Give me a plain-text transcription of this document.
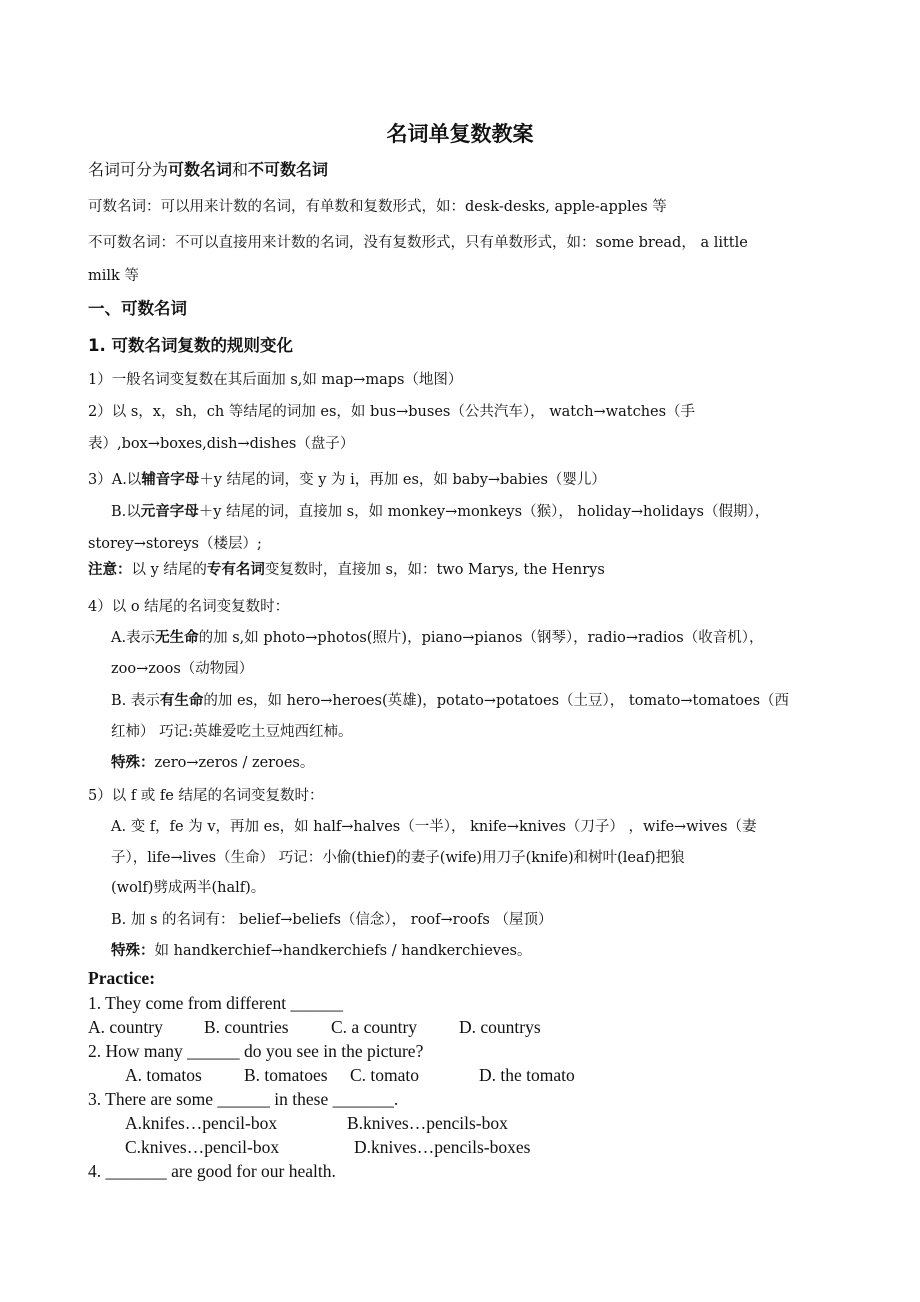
名词单复数教案
名词可分为可数名词和不可数名词
可数名词：可以用来计数的名词，有单数和复数形式，如：desk-desks, apple-apples 等
不可数名词：不可以直接用来计数的名词，没有复数形式，只有单数形式，如：some bread， a little
milk 等
一、可数名词
1. 可数名词复数的规则变化
1）一般名词变复数在其后面加 s,如 map→maps（地图）
2）以 s，x，sh，ch 等结尾的词加 es，如 bus→buses（公共汽车）， watch→watches（手
表）,box→boxes,dish→dishes（盘子）
3）A.以辅音字母＋y 结尾的词，变 y 为 i，再加 es，如 baby→babies（婴儿）
B.以元音字母＋y 结尾的词，直接加 s，如 monkey→monkeys（猴）， holiday→holidays（假期），
storey→storeys（楼层）;
注意：以 y 结尾的专有名词变复数时，直接加 s，如：two Marys, the Henrys
4）以 o 结尾的名词变复数时：
A.表示无生命的加 s,如 photo→photos(照片)，piano→pianos（钢琴），radio→radios（收音机），
zoo→zoos（动物园）
B. 表示有生命的加 es，如 hero→heroes(英雄)，potato→potatoes（土豆）， tomato→tomatoes（西
红柿） 巧记:英雄爱吃土豆炖西红柿。
特殊：zero→zeros / zeroes。
5）以 f 或 fe 结尾的名词变复数时：
A. 变 f，fe 为 v，再加 es，如 half→halves（一半）， knife→knives（刀子） ，wife→wives（妻
子），life→lives（生命） 巧记：小偷(thief)的妻子(wife)用刀子(knife)和树叶(leaf)把狼
(wolf)劈成两半(half)。
B. 加 s 的名词有： belief→beliefs（信念）， roof→roofs （屋顶）
特殊：如 handkerchief→handkerchiefs / handkerchieves。
Practice:
1. They come from different ______
A. country B. countries C. a country D. countrys
2. How many ______ do you see in the picture?
A. tomatos B. tomatoes C. tomato	D. the tomato
3. There are some ______ in these _______.
A.knifes…pencil-box	B.knives…pencils-box
C.knives…pencil-box	D.knives…pencils-boxes
4. _______ are good for our health.
